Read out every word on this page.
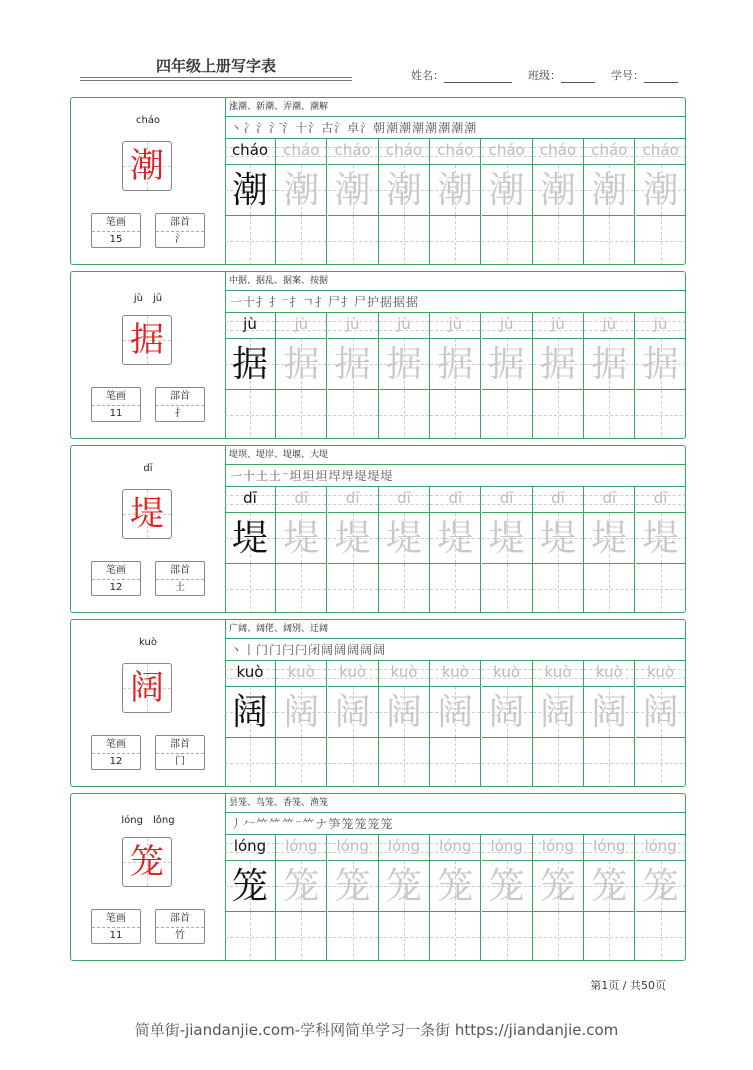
四年级上册写字表
姓名：	班级：	学号：
cháo
潮
笔画
15
部首
氵
涨潮、新潮、弄潮、潮解
丶冫氵氵̄氵十氵古氵卓氵朝潮潮潮潮潮潮潮
cháo
潮
cháo
潮
cháo
潮
cháo
潮
cháo
潮
cháo
潮
cháo
潮
cháo
潮
cháo
潮
jù　jū
据
笔画
11
部首
扌
中据、据乱、据案、按据
一十扌扌⁻扌ㄱ扌尸扌尸护据据据
jù
据
jù
据
jù
据
jù
据
jù
据
jù
据
jù
据
jù
据
jù
据
dī
堤
笔画
12
部首
土
堤坝、堤岸、堤堰、大堤
一十土土⁻坦坦坦垾垾堤堤堤
dī
堤
dī
堤
dī
堤
dī
堤
dī
堤
dī
堤
dī
堤
dī
堤
dī
堤
kuò
阔
笔画
12
部首
门
广阔、阔佬、阔别、迂阔
丶丨门门闩闩闭阔阔阔阔阔
kuò
阔
kuò
阔
kuò
阔
kuò
阔
kuò
阔
kuò
阔
kuò
阔
kuò
阔
kuò
阔
lóng　lǒng
笼
笔画
11
部首
竹
昙笼、鸟笼、香笼、渔笼
丿𠂉⺮⺮⺮⁻⺮ナ笋笼笼笼笼
lóng
笼
lóng
笼
lóng
笼
lóng
笼
lóng
笼
lóng
笼
lóng
笼
lóng
笼
lóng
笼
第1页 / 共50页
简单街-jiandanjie.com-学科网简单学习一条街 https://jiandanjie.com
